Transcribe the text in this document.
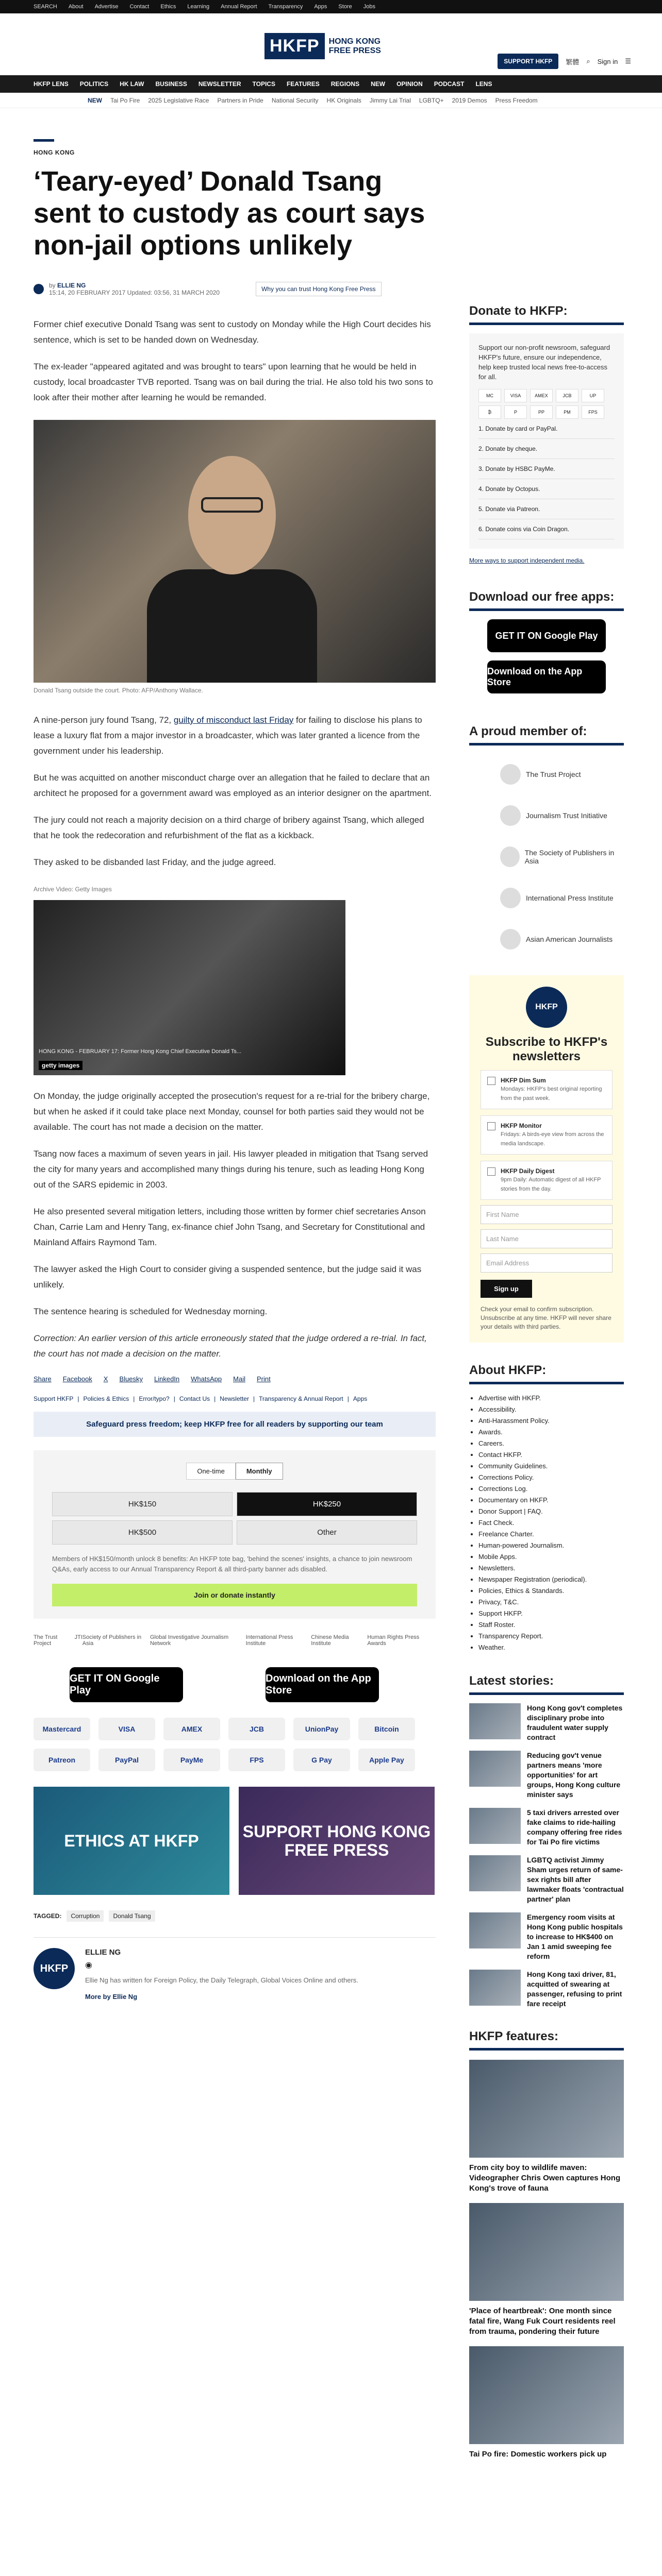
SEARCH About Advertise Contact Ethics Learning Annual Report Transparency Apps Store Jobs
HKFP	HONG KONG
FREE PRESS
SUPPORT HKFP	繁體 ⌕ Sign in ☰
HKFP LENS POLITICS HK LAW BUSINESS NEWSLETTER TOPICS FEATURES REGIONS NEW OPINION PODCAST LENS
NEW Tai Po Fire 2025 Legislative Race Partners in Pride National Security HK Originals Jimmy Lai Trial LGBTQ+ 2019 Demos Press Freedom
HONG KONG
‘Teary-eyed’ Donald Tsang sent to custody as court says non-jail options unlikely
by ELLIE NG
15:14, 20 FEBRUARY 2017 Updated: 03:56, 31 MARCH 2020	Why you can trust Hong Kong Free Press

Former chief executive Donald Tsang was sent to custody on Monday while the High Court decides his sentence, which is set to be handed down on Wednesday.

The ex-leader "appeared agitated and was brought to tears" upon learning that he would be held in custody, local broadcaster TVB reported. Tsang was on bail during the trial. He also told his two sons to look after their mother after learning he would be remanded.

Donald Tsang outside the court. Photo: AFP/Anthony Wallace.

A nine-person jury found Tsang, 72, guilty of misconduct last Friday for failing to disclose his plans to lease a luxury flat from a major investor in a broadcaster, which was later granted a licence from the government under his leadership.

But he was acquitted on another misconduct charge over an allegation that he failed to declare that an architect he proposed for a government award was employed as an interior designer on the apartment.

The jury could not reach a majority decision on a third charge of bribery against Tsang, which alleged that he took the redecoration and refurbishment of the flat as a kickback.

They asked to be disbanded last Friday, and the judge agreed.

Archive Video: Getty Images
HONG KONG - FEBRUARY 17: Former Hong Kong Chief Executive Donald Ts...
getty images

On Monday, the judge originally accepted the prosecution's request for a re-trial for the bribery charge, but when he asked if it could take place next Monday, counsel for both parties said they would not be available. The court has not made a decision on the matter.

Tsang now faces a maximum of seven years in jail. His lawyer pleaded in mitigation that Tsang served the city for many years and accomplished many things during his tenure, such as leading Hong Kong out of the SARS epidemic in 2003.

He also presented several mitigation letters, including those written by former chief secretaries Anson Chan, Carrie Lam and Henry Tang, ex-finance chief John Tsang, and Secretary for Constitutional and Mainland Affairs Raymond Tam.

The lawyer asked the High Court to consider giving a suspended sentence, but the judge said it was unlikely.

The sentence hearing is scheduled for Wednesday morning.

Correction: An earlier version of this article erroneously stated that the judge ordered a re-trial. In fact, the court has not made a decision on the matter.

Share Facebook X Bluesky LinkedIn WhatsApp Mail Print
Support HKFP | Policies & Ethics | Error/typo? | Contact Us | Newsletter | Transparency & Annual Report | Apps
Safeguard press freedom; keep HKFP free for all readers by supporting our team
One-time	Monthly
HK$150	HK$250
HK$500	Other

Members of HK$150/month unlock 8 benefits: An HKFP tote bag, 'behind the scenes' insights, a chance to join newsroom Q&As, early access to our Annual Transparency Report & all third-party banner ads disabled.

Join or donate instantly
The Trust Project
JTI Society of Publishers in Asia
Global Investigative Journalism Network
International Press Institute
Chinese Media Institute
Human Rights Press Awards
GET IT ON Google Play
Download on the App Store
Mastercard	VISA	AMEX	JCB	UnionPay	Bitcoin
Patreon	PayPal	PayMe	FPS	G Pay	Apple Pay
ETHICS AT HKFP	SUPPORT HONG KONG FREE PRESS
TAGGED:	Corruption	Donald Tsang
HKFP
ELLIE NG
◉

Ellie Ng has written for Foreign Policy, the Daily Telegraph, Global Voices Online and others.

More by Ellie Ng
Donate to HKFP:

Support our non-profit newsroom, safeguard HKFP's future, ensure our independence, help keep trusted local news free-to-access for all.

MC	VISA	AMEX	JCB	UP
₿	P	PP	PM	FPS
1. Donate by card or PayPal.
2. Donate by cheque.
3. Donate by HSBC PayMe.
4. Donate by Octopus.
5. Donate via Patreon.
6. Donate coins via Coin Dragon.
More ways to support independent media.
Download our free apps:
GET IT ON Google Play
Download on the App Store
A proud member of:
The Trust Project
Journalism Trust Initiative
The Society of Publishers in Asia
International Press Institute
Asian American Journalists
HKFP
Subscribe to HKFP's newsletters
HKFP Dim Sum
Mondays: HKFP's best original reporting from the past week.
HKFP Monitor
Fridays: A birds-eye view from across the media landscape.
HKFP Daily Digest
9pm Daily: Automatic digest of all HKFP stories from the day.
First Name
Last Name
Email Address
Sign up

Check your email to confirm subscription. Unsubscribe at any time. HKFP will never share your details with third parties.

About HKFP:
• Advertise with HKFP.
• Accessibility.
• Anti-Harassment Policy.
• Awards.
• Careers.
• Contact HKFP.
• Community Guidelines.
• Corrections Policy.
• Corrections Log.
• Documentary on HKFP.
• Donor Support | FAQ.
• Fact Check.
• Freelance Charter.
• Human-powered Journalism.
• Mobile Apps.
• Newsletters.
• Newspaper Registration (periodical).
• Policies, Ethics & Standards.
• Privacy, T&C.
• Support HKFP.
• Staff Roster.
• Transparency Report.
• Weather.
Latest stories:
Hong Kong gov't completes disciplinary probe into fraudulent water supply contract
Reducing gov't venue partners means 'more opportunities' for art groups, Hong Kong culture minister says
5 taxi drivers arrested over fake claims to ride-hailing company offering free rides for Tai Po fire victims
LGBTQ activist Jimmy Sham urges return of same-sex rights bill after lawmaker floats 'contractual partner' plan
Emergency room visits at Hong Kong public hospitals to increase to HK$400 on Jan 1 amid sweeping fee reform
Hong Kong taxi driver, 81, acquitted of swearing at passenger, refusing to print fare receipt
HKFP features:
From city boy to wildlife maven: Videographer Chris Owen captures Hong Kong's trove of fauna
'Place of heartbreak': One month since fatal fire, Wang Fuk Court residents reel from trauma, pondering their future
Tai Po fire: Domestic workers pick up
